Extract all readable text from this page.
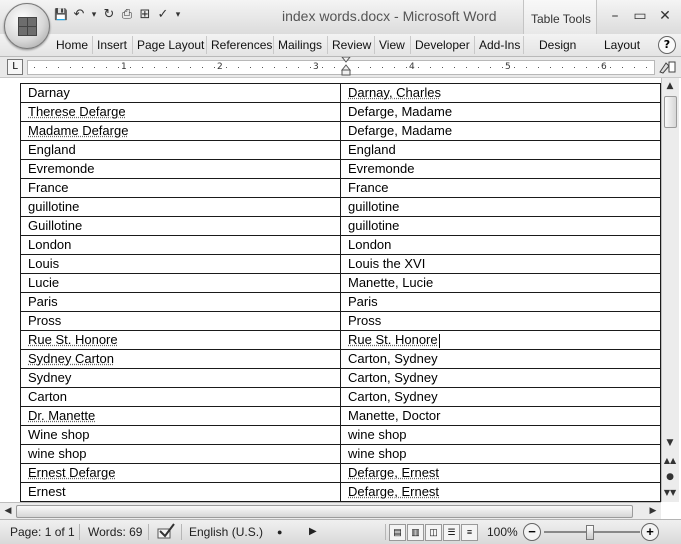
💾 ↶ ▾ ↻ ⎙ ⊞ ✓ ▾	index words.docx - Microsoft Word	Table Tools	–	▭ ✕
Home Insert Page Layout References Mailings Review View Developer Add-Ins Design Layout	?
L	1	2	3	4	5	6
Darnay	Darnay, Charles
Therese Defarge	Defarge, Madame
Madame Defarge	Defarge, Madame
England	England
Evremonde	Evremonde
France	France
guillotine	guillotine
Guillotine	guillotine
London	London
Louis	Louis the XVI
Lucie	Manette, Lucie
Paris	Paris
Pross	Pross
Rue St. Honore	Rue St. Honore
Sydney Carton	Carton, Sydney
Sydney	Carton, Sydney
Carton	Carton, Sydney
Dr. Manette	Manette, Doctor
Wine shop	wine shop
wine shop	wine shop
Ernest Defarge	Defarge, Ernest
Ernest	Defarge, Ernest
▲
▼
▲▲
●
▼▼
◀	▶
Page: 1 of 1 Words: 69	English (U.S.) ●	▶	▤	▥	◫	☰	≡	100% −	+
